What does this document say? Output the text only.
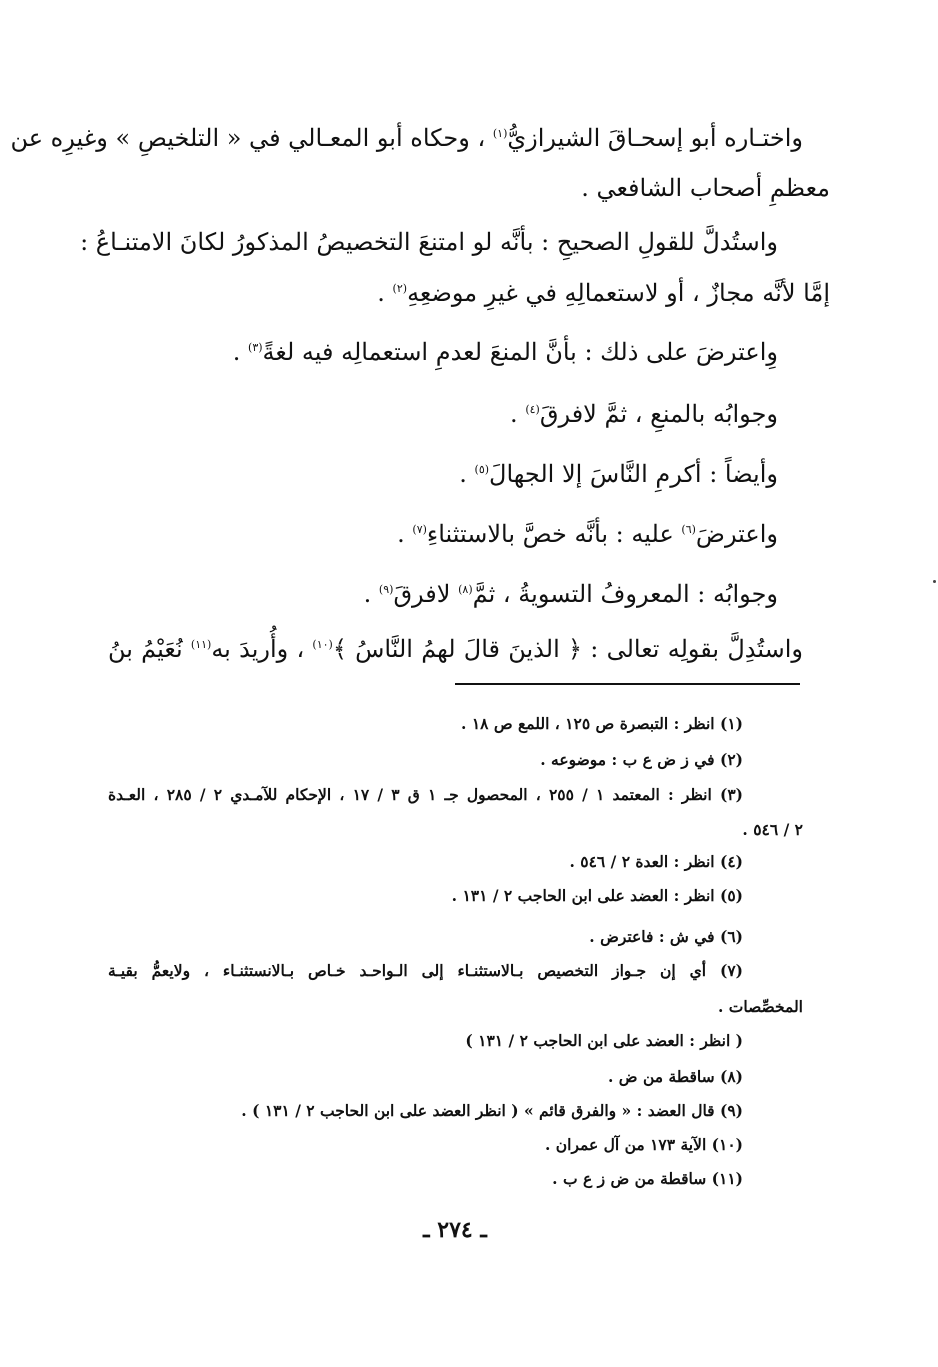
واختـاره أبو إسحـاقَ الشيرازيُّ$^{(١)}$ ، وحكاه أبو المعـالي في « التلخيصِ » وغيرِه عن
معظمِ أصحاب الشافعي .
واستُدلَّ للقولِ الصحيحِ : بأنَّه لو امتنعَ التخصيصُ المذكورُ لكانَ الامتنـاعُ :
إمَّا لأنَّه مجازٌ ، أو لاستعمالِهِ في غيرِ موضعِهِ$^{(٢)}$ .
وِاعترضَ على ذلك : بأنَّ المنعَ لعدمِ استعمالِه فيه لغةً$^{(٣)}$ .
وجوابُه بالمنعِ ، ثمَّ لافرقَ$^{(٤)}$ .
وأيضاً : أكرمِ النَّاسَ إلا الجهالَ$^{(٥)}$ .
واعترضَ$^{(٦)}$ عليه : بأنَّه خصَّ بالاستثناءِ$^{(٧)}$ .
وجوابُه : المعروفُ التسويةُ ، ثمَّ$^{(٨)}$ لافرقَ$^{(٩)}$ .
واستُدِلَّ بقولِه تعالى : ﴿ الذينَ قالَ لهمُ النَّاسُ ﴾$^{(١٠)}$ ، وأُريدَ به$^{(١١)}$ نُعَيْمُ بنُ
(١) انظر : التبصرة ص ١٢٥ ، اللمع ص ١٨ .
(٢) في ز ض ع ب : موضوعه .
(٣) انظر : المعتمد ١ / ٢٥٥ ، المحصول جـ ١ ق ٣ / ١٧ ، الإحكام للآمـدي ٢ / ٢٨٥ ، العـدة
٢ / ٥٤٦ .
(٤) انظر : العدة ٢ / ٥٤٦ .
(٥) انظر : العضد على ابن الحاجب ٢ / ١٣١ .
(٦) في ش : فاعترض .
(٧) أي إن جـواز التخصيص بـالاستثنـاء إلى الـواحـد خـاص بـالانستثنـاء ، ولايعمُّ بقيـة
المخصِّصات .
( انظر : العضد على ابن الحاجب ٢ / ١٣١ )
(٨) ساقطة من ض .
(٩) قال العضد : « والفرق قائم » ( انظر العضد على ابن الحاجب ٢ / ١٣١ ) .
(١٠) الآية ١٧٣ من آل عمران .
(١١) ساقطة من ض ز ع ب .
ـ ٢٧٤ ـ
